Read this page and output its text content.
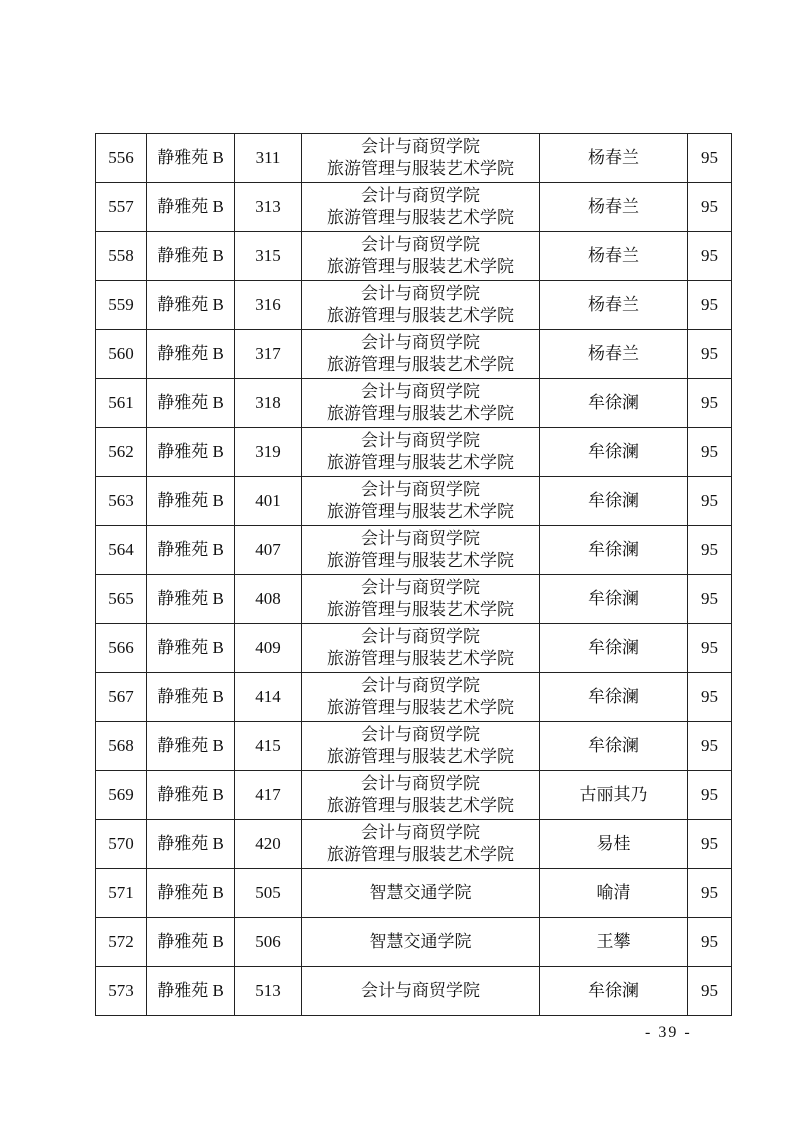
556	静雅苑 B	311	会计与商贸学院
旅游管理与服装艺术学院	杨春兰	95
557	静雅苑 B	313	会计与商贸学院
旅游管理与服装艺术学院	杨春兰	95
558	静雅苑 B	315	会计与商贸学院
旅游管理与服装艺术学院	杨春兰	95
559	静雅苑 B	316	会计与商贸学院
旅游管理与服装艺术学院	杨春兰	95
560	静雅苑 B	317	会计与商贸学院
旅游管理与服装艺术学院	杨春兰	95
561	静雅苑 B	318	会计与商贸学院
旅游管理与服装艺术学院	牟徐澜	95
562	静雅苑 B	319	会计与商贸学院
旅游管理与服装艺术学院	牟徐澜	95
563	静雅苑 B	401	会计与商贸学院
旅游管理与服装艺术学院	牟徐澜	95
564	静雅苑 B	407	会计与商贸学院
旅游管理与服装艺术学院	牟徐澜	95
565	静雅苑 B	408	会计与商贸学院
旅游管理与服装艺术学院	牟徐澜	95
566	静雅苑 B	409	会计与商贸学院
旅游管理与服装艺术学院	牟徐澜	95
567	静雅苑 B	414	会计与商贸学院
旅游管理与服装艺术学院	牟徐澜	95
568	静雅苑 B	415	会计与商贸学院
旅游管理与服装艺术学院	牟徐澜	95
569	静雅苑 B	417	会计与商贸学院
旅游管理与服装艺术学院	古丽其乃	95
570	静雅苑 B	420	会计与商贸学院
旅游管理与服装艺术学院	易桂	95
571	静雅苑 B	505	智慧交通学院	喻清	95
572	静雅苑 B	506	智慧交通学院	王攀	95
573	静雅苑 B	513	会计与商贸学院	牟徐澜	95
- 39 -
